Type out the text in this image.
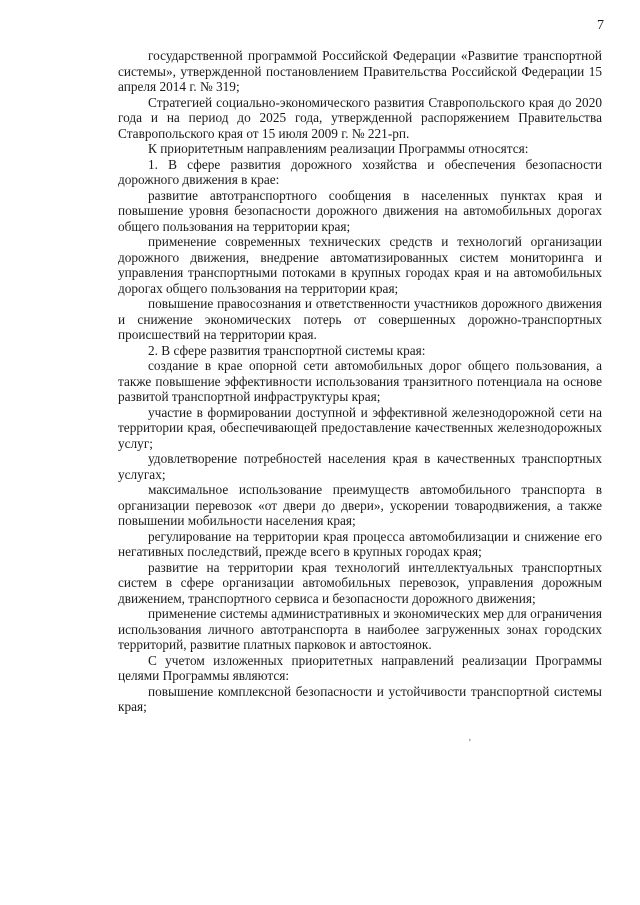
7

государственной программой Российской Федерации «Развитие транспортной системы», утвержденной постановлением Правительства Российской Федерации 15 апреля 2014 г. № 319;

Стратегией социально-экономического развития Ставропольского края до 2020 года и на период до 2025 года, утвержденной распоряжением Правительства Ставропольского края от 15 июля 2009 г. № 221-рп.

К приоритетным направлениям реализации Программы относятся:

1. В сфере развития дорожного хозяйства и обеспечения безопасности дорожного движения в крае:

развитие автотранспортного сообщения в населенных пунктах края и повышение уровня безопасности дорожного движения на автомобильных дорогах общего пользования на территории края;

применение современных технических средств и технологий организации дорожного движения, внедрение автоматизированных систем мониторинга и управления транспортными потоками в крупных городах края и на автомобильных дорогах общего пользования на территории края;

повышение правосознания и ответственности участников дорожного движения и снижение экономических потерь от совершенных дорожно-транспортных происшествий на территории края.

2. В сфере развития транспортной системы края:

создание в крае опорной сети автомобильных дорог общего пользования, а также повышение эффективности использования транзитного потенциала на основе развитой транспортной инфраструктуры края;

участие в формировании доступной и эффективной железнодорожной сети на территории края, обеспечивающей предоставление качественных железнодорожных услуг;

удовлетворение потребностей населения края в качественных транспортных услугах;

максимальное использование преимуществ автомобильного транспорта в организации перевозок «от двери до двери», ускорении товародвижения, а также повышении мобильности населения края;

регулирование на территории края процесса автомобилизации и снижение его негативных последствий, прежде всего в крупных городах края;

развитие на территории края технологий интеллектуальных транспортных систем в сфере организации автомобильных перевозок, управления дорожным движением, транспортного сервиса и безопасности дорожного движения;

применение системы административных и экономических мер для ограничения использования личного автотранспорта в наиболее загруженных зонах городских территорий, развитие платных парковок и автостоянок.

С учетом изложенных приоритетных направлений реализации Программы целями Программы являются:

повышение комплексной безопасности и устойчивости транспортной системы края;

'
